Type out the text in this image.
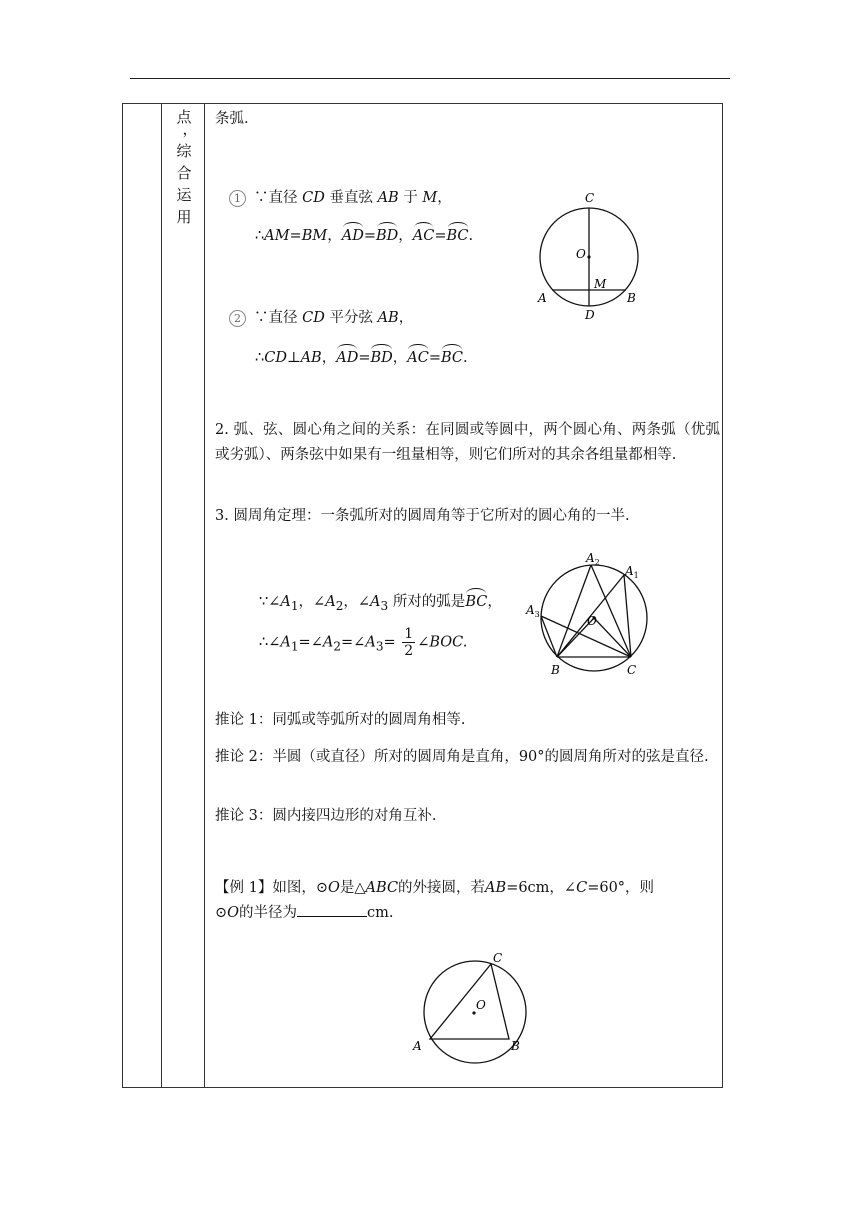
点
，
综
合
运
用
条弧.
1 ∵直径 CD 垂直弦 AB 于 M，
∴AM=BM，AD=BD，AC=BC.
2 ∵直径 CD 平分弦 AB，
∴CD⊥AB，AD=BD，AC=BC.
C
O
M
A	B
D
2. 弧、弦、圆心角之间的关系：在同圆或等圆中，两个圆心角、两条弧（优弧或劣弧）、两条弦中如果有一组量相等，则它们所对的其余各组量都相等.
3. 圆周角定理：一条弧所对的圆周角等于它所对的圆心角的一半.
$\because\angle A_1$，$\angle A_2$，$\angle A_3$ 所对的弧是BC，
$\therefore\angle A_1=\angle A_2=\angle A_3= \frac{1}{2}$ ∠BOC.
$A_2$
$A_1$
$A_3$	O
B	C
推论 1：同弧或等弧所对的圆周角相等.
推论 2：半圆（或直径）所对的圆周角是直角，90°的圆周角所对的弦是直径.
推论 3：圆内接四边形的对角互补.
【例 1】如图，⊙O是△ABC的外接圆，若AB=6cm，∠C=60°，则
⊙O的半径为	cm.
O
C
A	B
